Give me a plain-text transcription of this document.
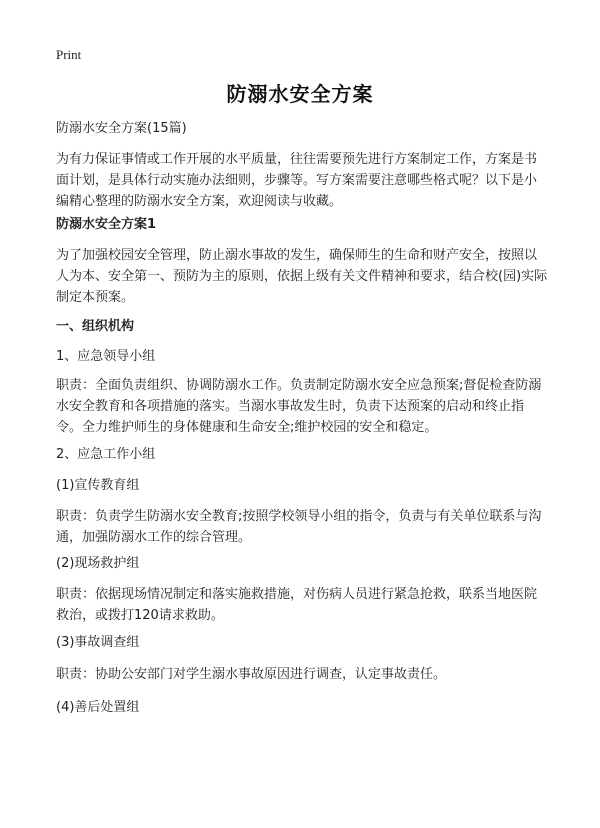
Print
防溺水安全方案

防溺水安全方案(15篇)

为有力保证事情或工作开展的水平质量，往往需要预先进行方案制定工作，方案是书面计划，是具体行动实施办法细则，步骤等。写方案需要注意哪些格式呢？以下是小编精心整理的防溺水安全方案，欢迎阅读与收藏。

防溺水安全方案1

为了加强校园安全管理，防止溺水事故的发生，确保师生的生命和财产安全，按照以人为本、安全第一、预防为主的原则，依据上级有关文件精神和要求，结合校(园)实际制定本预案。

一、组织机构

1、应急领导小组

职责：全面负责组织、协调防溺水工作。负责制定防溺水安全应急预案;督促检查防溺水安全教育和各项措施的落实。当溺水事故发生时，负责下达预案的启动和终止指令。全力维护师生的身体健康和生命安全;维护校园的安全和稳定。

2、应急工作小组

(1)宣传教育组

职责：负责学生防溺水安全教育;按照学校领导小组的指令，负责与有关单位联系与沟通，加强防溺水工作的综合管理。

(2)现场救护组

职责：依据现场情况制定和落实施救措施，对伤病人员进行紧急抢救，联系当地医院救治，或拨打120请求救助。

(3)事故调查组

职责：协助公安部门对学生溺水事故原因进行调查，认定事故责任。

(4)善后处置组
